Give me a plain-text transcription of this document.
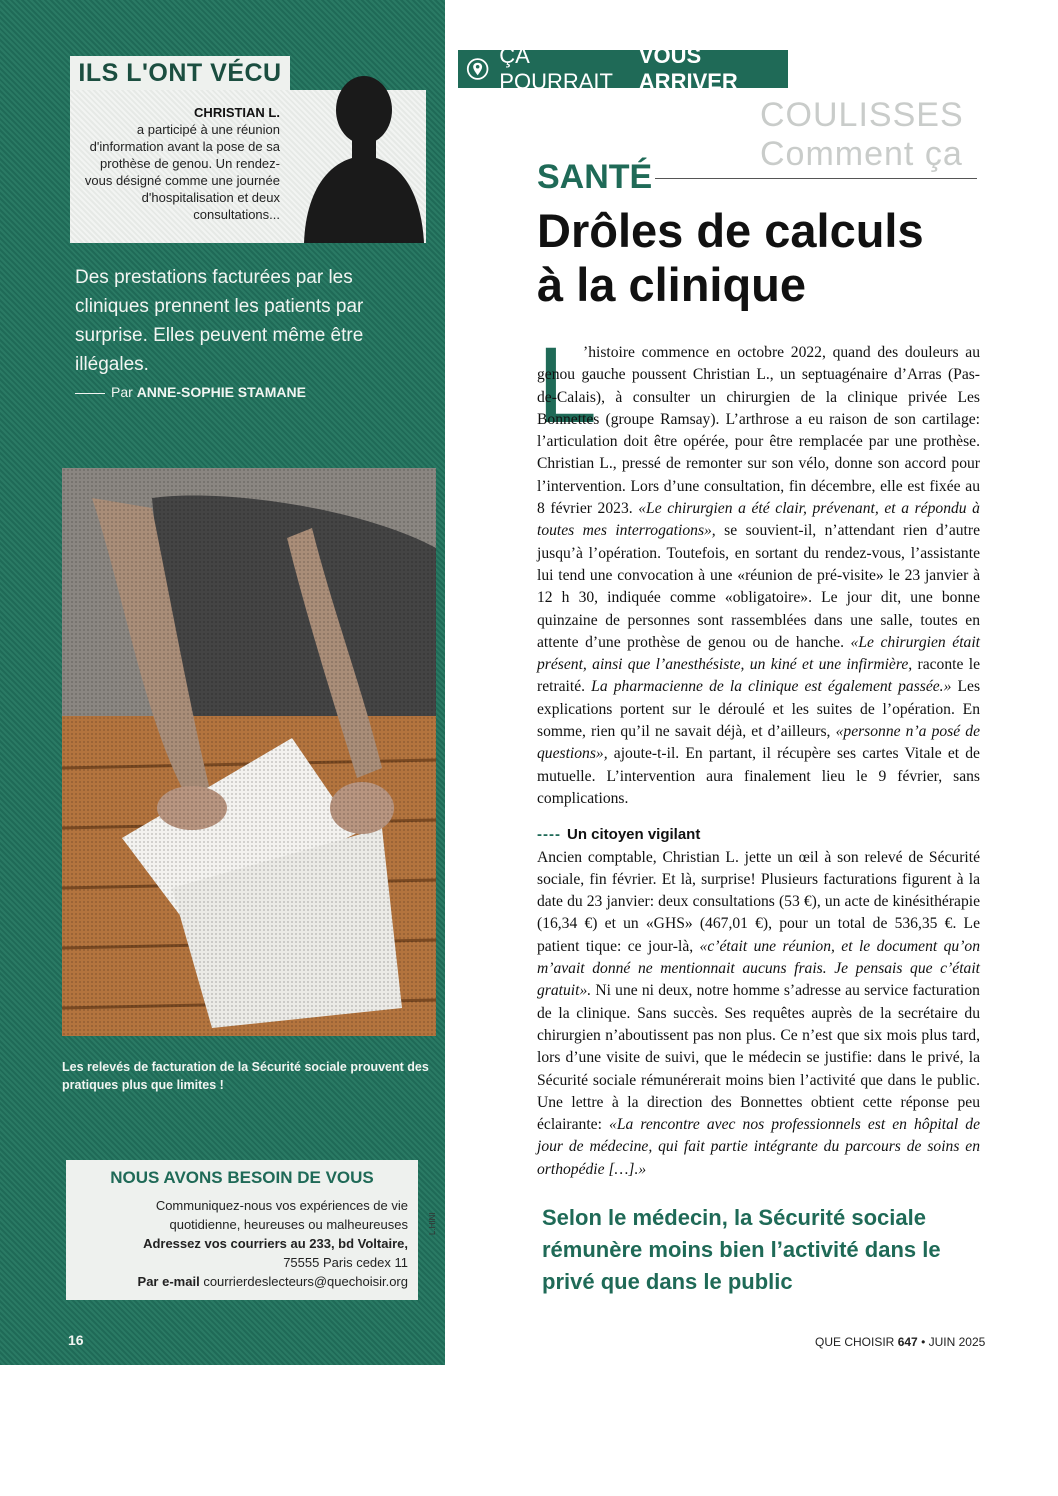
ILS L'ONT VÉCU
CHRISTIAN L.
a participé à une réunion d'information avant la pose de sa prothèse de genou. Un rendez-vous désigné comme une journée d'hospitalisation et deux consultations...
Des prestations facturées par les cliniques prennent les patients par surprise. Elles peuvent même être illégales.
Par ANNE-SOPHIE STAMANE
Les relevés de facturation de la Sécurité sociale prouvent des pratiques plus que limites !
NOUS AVONS BESOIN DE VOUS
Communiquez-nous vos expériences de vie
quotidienne, heureuses ou malheureuses
Adressez vos courriers au 233, bd Voltaire,
75555 Paris cedex 11
Par e-mail courrierdeslecteurs@quechoisir.org
L.HINI
16
ÇA POURRAIT
VOUS ARRIVER
COULISSES Comment ça
SANTÉ
Drôles de calculs
à la clinique
L

’histoire commence en octobre 2022, quand des douleurs au genou gauche poussent Christian L., un septuagénaire d’Arras (Pas-de-Calais), à consulter un chirurgien de la clinique privée Les Bonnettes (groupe Ramsay). L’arthrose a eu raison de son cartilage: l’articulation doit être opérée, pour être remplacée par une prothèse. Christian L., pressé de remonter sur son vélo, donne son accord pour l’intervention. Lors d’une consultation, fin décembre, elle est fixée au 8 février 2023. «Le chirurgien a été clair, prévenant, et a répondu à toutes mes interrogations», se souvient-il, n’attendant rien d’autre jusqu’à l’opération. Toutefois, en sortant du rendez-vous, l’assistante lui tend une convocation à une «réunion de pré-visite» le 23 janvier à 12 h 30, indiquée comme «obligatoire». Le jour dit, une bonne quinzaine de personnes sont rassemblées dans une salle, toutes en attente d’une prothèse de genou ou de hanche. «Le chirurgien était présent, ainsi que l’anesthésiste, un kiné et une infirmière, raconte le retraité. La pharmacienne de la clinique est également passée.» Les explications portent sur le déroulé et les suites de l’opération. En somme, rien qu’il ne savait déjà, et d’ailleurs, «personne n’a posé de questions», ajoute-t-il. En partant, il récupère ses cartes Vitale et de mutuelle. L’intervention aura finalement lieu le 9 février, sans complications.

---- Un citoyen vigilant

Ancien comptable, Christian L. jette un œil à son relevé de Sécurité sociale, fin février. Et là, surprise! Plusieurs facturations figurent à la date du 23 janvier: deux consultations (53 €), un acte de kinésithérapie (16,34 €) et un «GHS» (467,01 €), pour un total de 536,35 €. Le patient tique: ce jour-là, «c’était une réunion, et le document qu’on m’avait donné ne mentionnait aucuns frais. Je pensais que c’était gratuit». Ni une ni deux, notre homme s’adresse au service facturation de la clinique. Sans succès. Ses requêtes auprès de la secrétaire du chirurgien n’aboutissent pas non plus. Ce n’est que six mois plus tard, lors d’une visite de suivi, que le médecin se justifie: dans le privé, la Sécurité sociale rémunérerait moins bien l’activité que dans le public. Une lettre à la direction des Bonnettes obtient cette réponse peu éclairante: «La rencontre avec nos professionnels est en hôpital de jour de médecine, qui fait partie intégrante du parcours de soins en orthopédie […].»

Selon le médecin, la Sécurité sociale rémunère moins bien l’activité dans le privé que dans le public
QUE CHOISIR 647 • JUIN 2025
